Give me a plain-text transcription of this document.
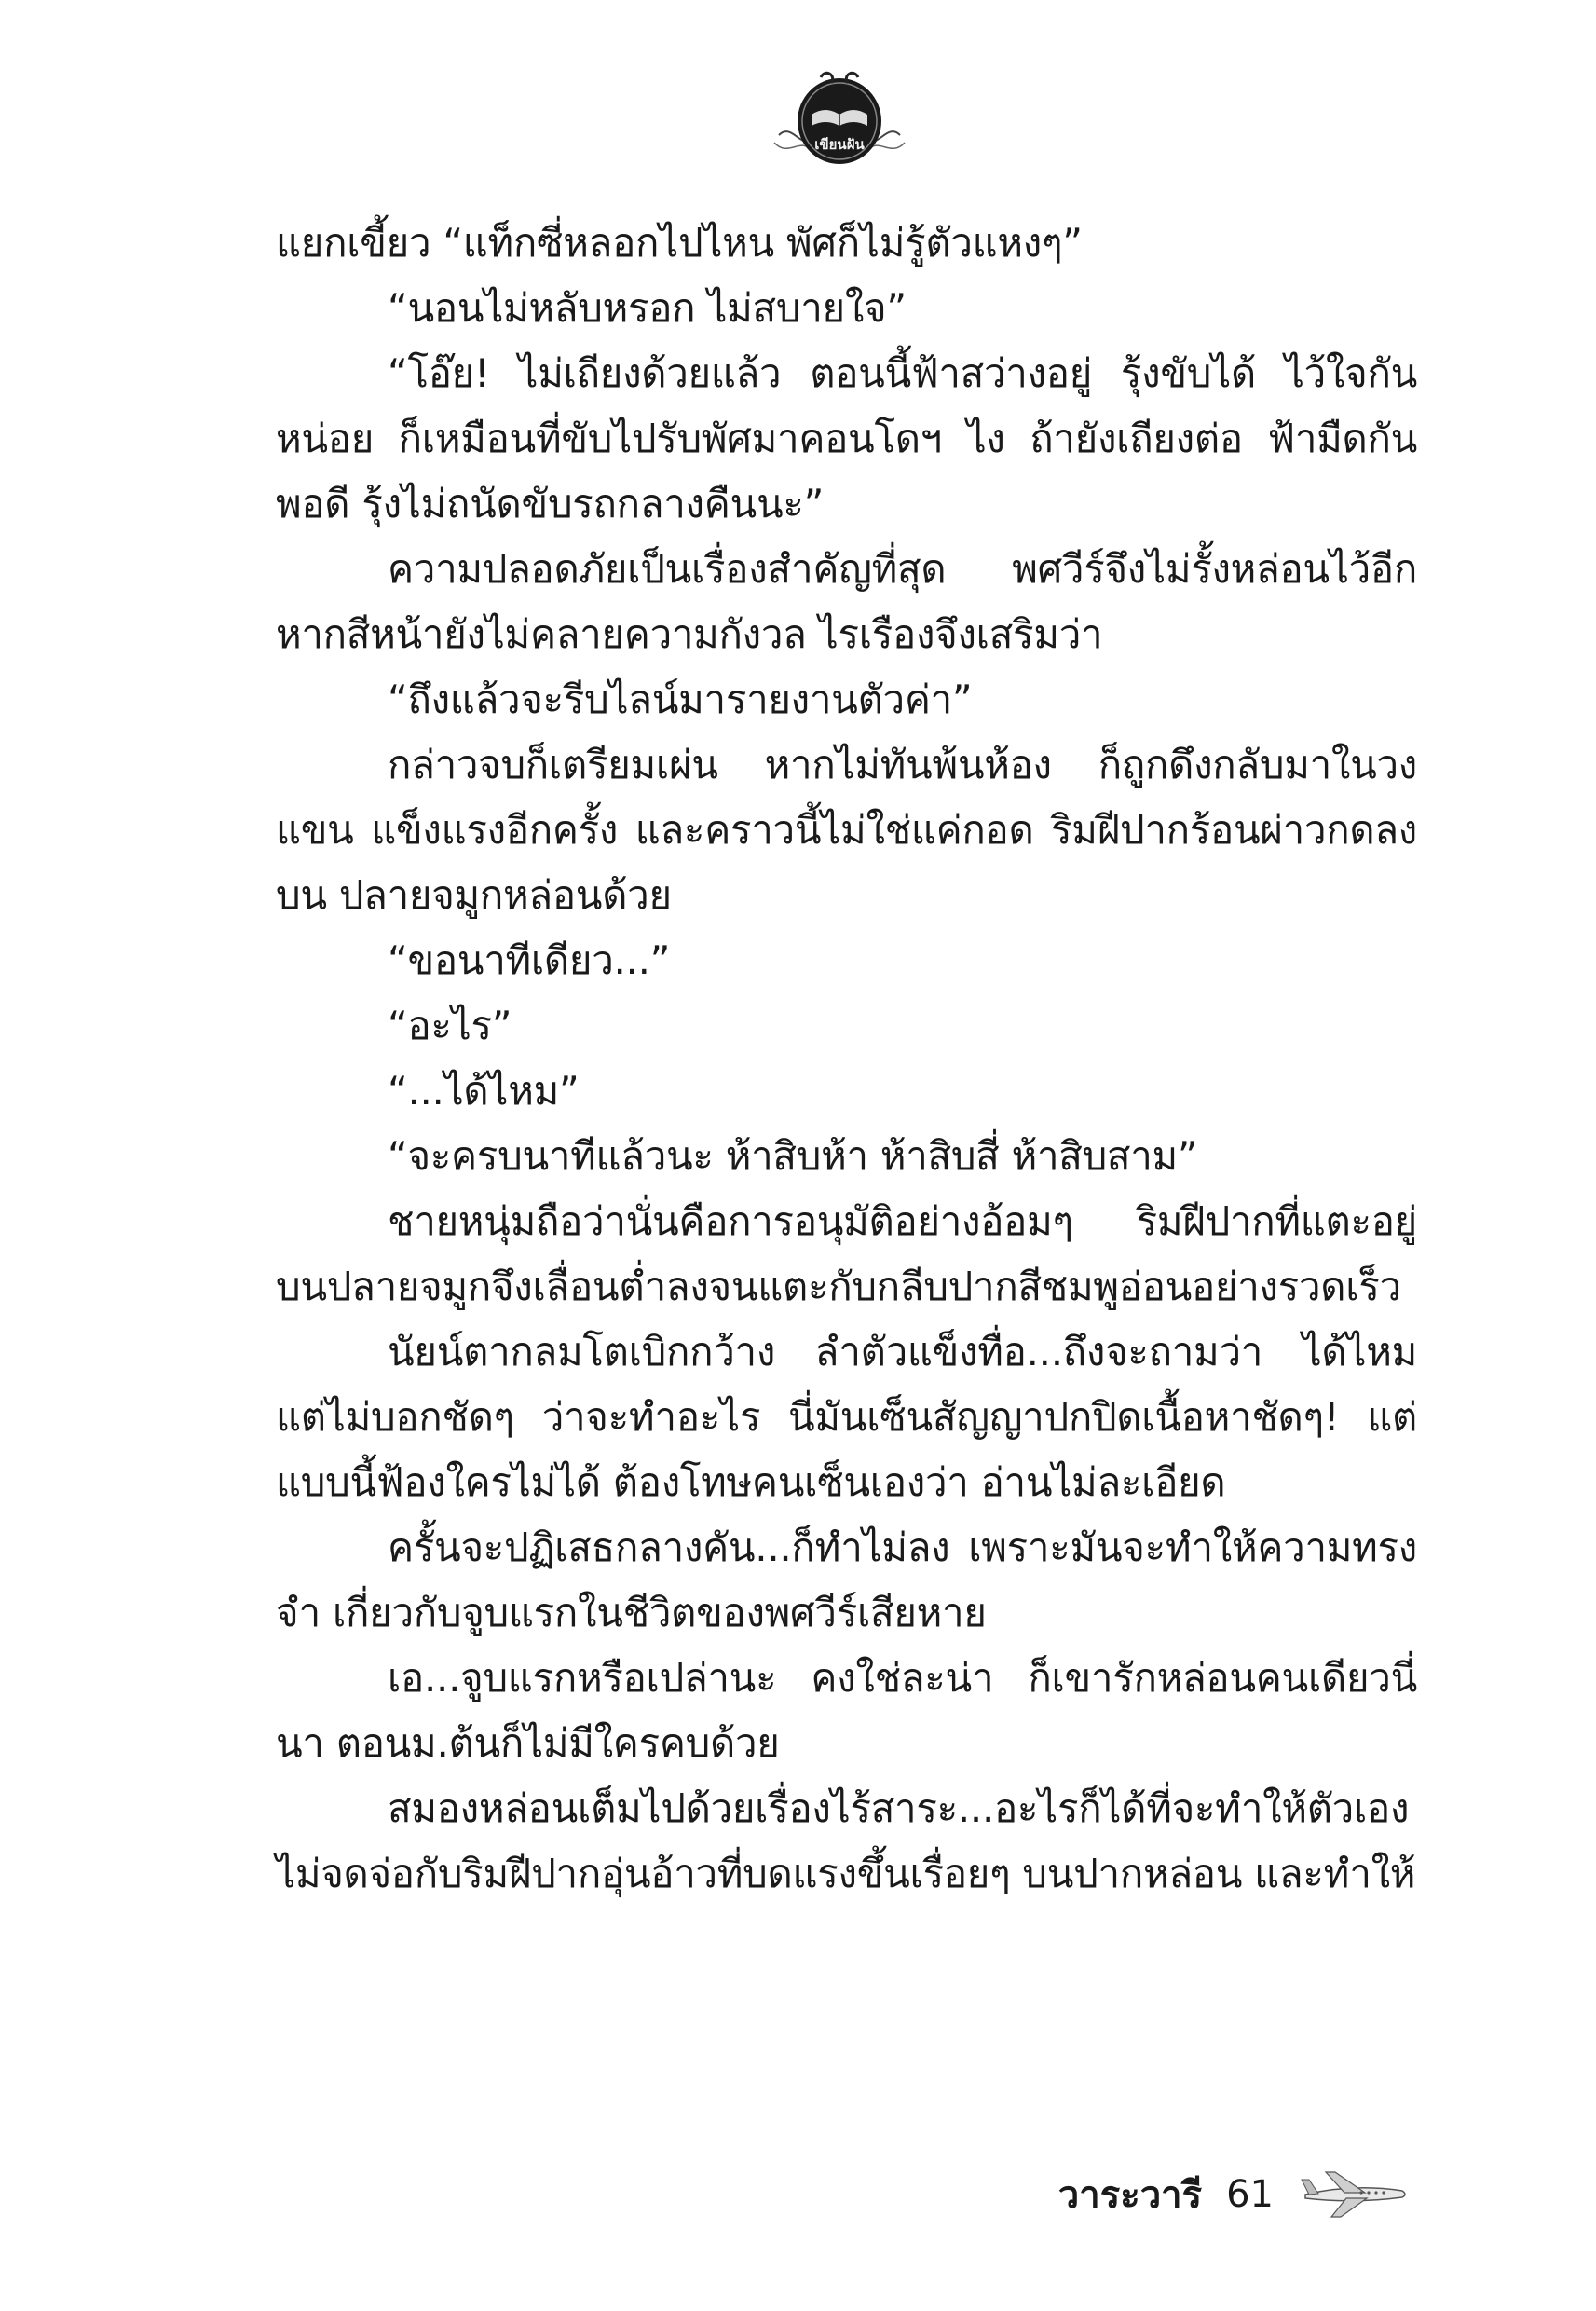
เขียนฝัน

แยกเขี้ยว “แท็กซี่หลอกไปไหน พัศก็ไม่รู้ตัวแหงๆ”

“นอนไม่หลับหรอก ไม่สบายใจ”

“โอ๊ย! ไม่เถียงด้วยแล้ว ตอนนี้ฟ้าสว่างอยู่ รุ้งขับได้ ไว้ใจกันหน่อย ก็เหมือนที่ขับไปรับพัศมาคอนโดฯ ไง ถ้ายังเถียงต่อ ฟ้ามืดกันพอดี รุ้งไม่ถนัดขับรถกลางคืนนะ”

ความปลอดภัยเป็นเรื่องสำคัญที่สุด พศวีร์จึงไม่รั้งหล่อนไว้อีก หากสีหน้ายังไม่คลายความกังวล ไรเรืองจึงเสริมว่า

“ถึงแล้วจะรีบไลน์มารายงานตัวค่า”

กล่าวจบก็เตรียมเผ่น หากไม่ทันพ้นห้อง ก็ถูกดึงกลับมาในวงแขน แข็งแรงอีกครั้ง และคราวนี้ไม่ใช่แค่กอด ริมฝีปากร้อนผ่าวกดลงบน ปลายจมูกหล่อนด้วย

“ขอนาทีเดียว...”

“อะไร”

“...ได้ไหม”

“จะครบนาทีแล้วนะ ห้าสิบห้า ห้าสิบสี่ ห้าสิบสาม”

ชายหนุ่มถือว่านั่นคือการอนุมัติอย่างอ้อมๆ ริมฝีปากที่แตะอยู่ บนปลายจมูกจึงเลื่อนต่ำลงจนแตะกับกลีบปากสีชมพูอ่อนอย่างรวดเร็ว

นัยน์ตากลมโตเบิกกว้าง ลำตัวแข็งทื่อ...ถึงจะถามว่า ได้ไหม แต่ไม่บอกชัดๆ ว่าจะทำอะไร นี่มันเซ็นสัญญาปกปิดเนื้อหาชัดๆ! แต่ แบบนี้ฟ้องใครไม่ได้ ต้องโทษคนเซ็นเองว่า อ่านไม่ละเอียด

ครั้นจะปฏิเสธกลางคัน...ก็ทำไม่ลง เพราะมันจะทำให้ความทรงจำ เกี่ยวกับจูบแรกในชีวิตของพศวีร์เสียหาย

เอ...จูบแรกหรือเปล่านะ คงใช่ละน่า ก็เขารักหล่อนคนเดียวนี่นา ตอนม.ต้นก็ไม่มีใครคบด้วย

สมองหล่อนเต็มไปด้วยเรื่องไร้สาระ...อะไรก็ได้ที่จะทำให้ตัวเอง ไม่จดจ่อกับริมฝีปากอุ่นอ้าวที่บดแรงขึ้นเรื่อยๆ บนปากหล่อน และทำให้

วาระวารี 61
